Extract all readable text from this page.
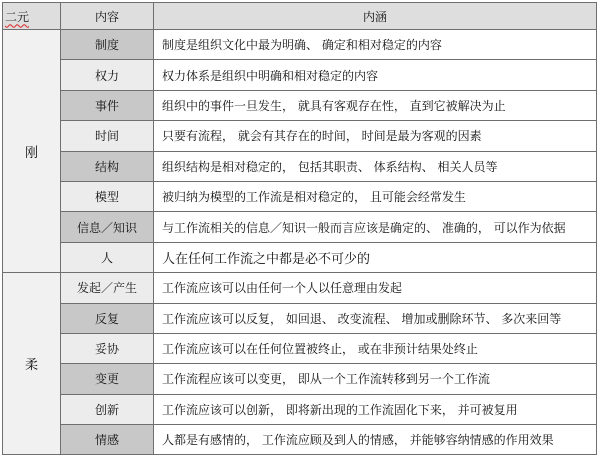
二元	内容	内涵
刚	制度	制度是组织文化中最为明确、 确定和相对稳定的内容
	权力	权力体系是组织中明确和相对稳定的内容
	事件	组织中的事件一旦发生， 就具有客观存在性， 直到它被解决为止
	时间	只要有流程， 就会有其存在的时间， 时间是最为客观的因素
	结构	组织结构是相对稳定的， 包括其职责、 体系结构、 相关人员等
	模型	被归纳为模型的工作流是相对稳定的， 且可能会经常发生
	信息／知识	与工作流相关的信息／知识一般而言应该是确定的、 准确的， 可以作为依据
	人	人在任何工作流之中都是必不可少的
柔	发起／产生	工作流应该可以由任何一个人以任意理由发起
	反复	工作流应该可以反复， 如回退、 改变流程、 增加或删除环节、 多次来回等
	妥协	工作流应该可以在任何位置被终止， 或在非预计结果处终止
	变更	工作流程应该可以变更， 即从一个工作流转移到另一个工作流
	创新	工作流应该可以创新， 即将新出现的工作流固化下来， 并可被复用
	情感	人都是有感情的， 工作流应顾及到人的情感， 并能够容纳情感的作用效果
